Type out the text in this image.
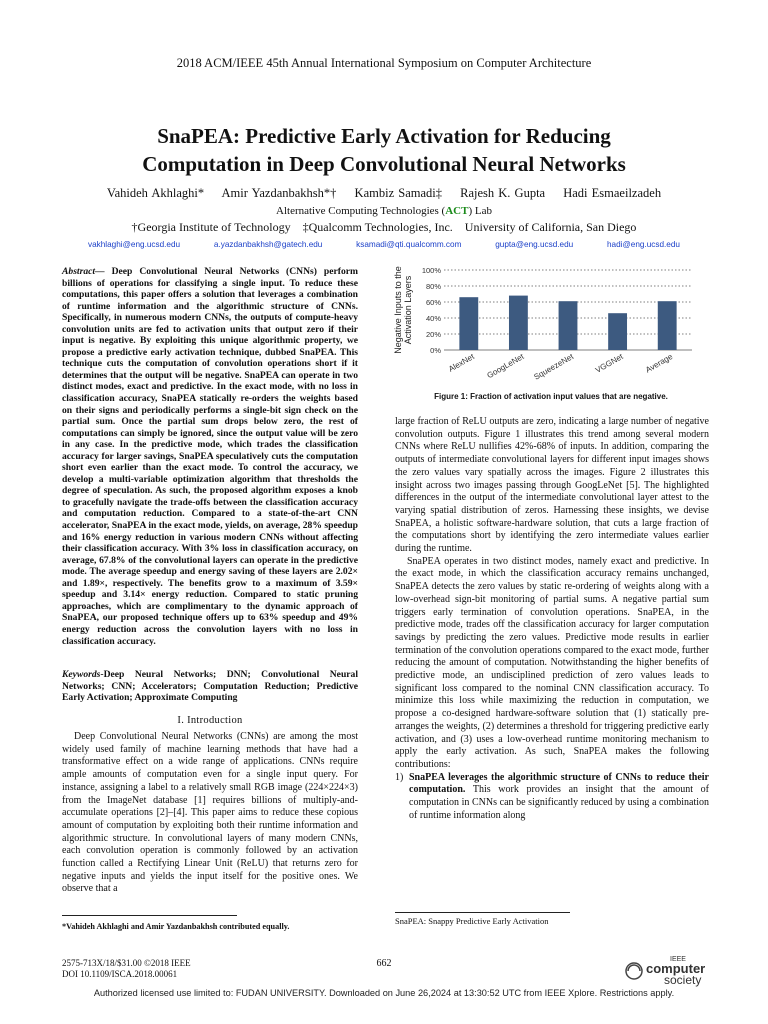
2018 ACM/IEEE 45th Annual International Symposium on Computer Architecture
SnaPEA: Predictive Early Activation for Reducing
Computation in Deep Convolutional Neural Networks
Vahideh Akhlaghi* Amir Yazdanbakhsh*† Kambiz Samadi‡ Rajesh K. Gupta Hadi Esmaeilzadeh
Alternative Computing Technologies (ACT) Lab
†Georgia Institute of Technology    ‡Qualcomm Technologies, Inc.    University of California, San Diego
vakhlaghi@eng.ucsd.edu	a.yazdanbakhsh@gatech.edu	ksamadi@qti.qualcomm.com	gupta@eng.ucsd.edu	hadi@eng.ucsd.edu
Abstract— Deep Convolutional Neural Networks (CNNs) perform billions of operations for classifying a single input. To reduce these computations, this paper offers a solution that leverages a combination of runtime information and the algorithmic structure of CNNs. Specifically, in numerous modern CNNs, the outputs of compute-heavy convolution units are fed to activation units that output zero if their input is negative. By exploiting this unique algorithmic property, we propose a predictive early activation technique, dubbed SnaPEA. This technique cuts the computation of convolution operations short if it determines that the output will be negative. SnaPEA can operate in two distinct modes, exact and predictive. In the exact mode, with no loss in classification accuracy, SnaPEA statically re-orders the weights based on their signs and periodically performs a single-bit sign check on the partial sum. Once the partial sum drops below zero, the rest of computations can simply be ignored, since the output value will be zero in any case. In the predictive mode, which trades the classification accuracy for larger savings, SnaPEA speculatively cuts the computation short even earlier than the exact mode. To control the accuracy, we develop a multi-variable optimization algorithm that thresholds the degree of speculation. As such, the proposed algorithm exposes a knob to gracefully navigate the trade-offs between the classification accuracy and computation reduction. Compared to a state-of-the-art CNN accelerator, SnaPEA in the exact mode, yields, on average, 28% speedup and 16% energy reduction in various modern CNNs without affecting their classification accuracy. With 3% loss in classification accuracy, on average, 67.8% of the convolutional layers can operate in the predictive mode. The average speedup and energy saving of these layers are 2.02× and 1.89×, respectively. The benefits grow to a maximum of 3.59× speedup and 3.14× energy reduction. Compared to static pruning approaches, which are complimentary to the dynamic approach of SnaPEA, our proposed technique offers up to 63% speedup and 49% energy reduction across the convolution layers with no loss in classification accuracy.
Keywords-Deep Neural Networks; DNN; Convolutional Neural Networks; CNN; Accelerators; Computation Reduction; Predictive Early Activation; Approximate Computing
I. Introduction
Deep Convolutional Neural Networks (CNNs) are among the most widely used family of machine learning methods that have had a transformative effect on a wide range of applications. CNNs require ample amounts of computation even for a single input query. For instance, assigning a label to a relatively small RGB image (224×224×3) from the ImageNet database [1] requires billions of multiply-and-accumulate operations [2]–[4]. This paper aims to reduce these copious amount of computation by exploiting both their runtime information and algorithmic structure. In convolutional layers of many modern CNNs, each convolution operation is commonly followed by an activation function called a Rectifying Linear Unit (ReLU) that returns zero for negative inputs and yields the input itself for the positive ones. We observe that a
*Vahideh Akhlaghi and Amir Yazdanbakhsh contributed equally.
Negative Inputs to the Activation Layers
0%
20%
40%
60%
80%
100%
AlexNet GoogLeNet SqueezeNet VGGNet Average
Figure 1: Fraction of activation input values that are negative.

large fraction of ReLU outputs are zero, indicating a large number of negative convolution outputs. Figure 1 illustrates this trend among several modern CNNs where ReLU nullifies 42%-68% of inputs. In addition, comparing the outputs of intermediate convolutional layers for different input images shows the zero values vary spatially across the images. Figure 2 illustrates this insight across two images passing through GoogLeNet [5]. The highlighted differences in the output of the intermediate convolutional layer attest to the varying spatial distribution of zeros. Harnessing these insights, we devise SnaPEA, a holistic software-hardware solution, that cuts a large fraction of the computations short by identifying the zero intermediate values earlier during the runtime.

SnaPEA operates in two distinct modes, namely exact and predictive. In the exact mode, in which the classification accuracy remains unchanged, SnaPEA detects the zero values by static re-ordering of weights along with a low-overhead sign-bit monitoring of partial sums. A negative partial sum triggers early termination of convolution operations. SnaPEA, in the predictive mode, trades off the classification accuracy for larger computation savings by predicting the zero values. Predictive mode results in earlier termination of the convolution operations compared to the exact mode, further reducing the amount of computation. Notwithstanding the higher benefits of predictive mode, an undisciplined prediction of zero values leads to significant loss compared to the nominal CNN classification accuracy. To minimize this loss while maximizing the reduction in computation, we propose a co-designed hardware-software solution that (1) statically pre-arranges the weights, (2) determines a threshold for triggering predictive early activation, and (3) uses a low-overhead runtime monitoring mechanism to apply the early activation. As such, SnaPEA makes the following contributions:

1) SnaPEA leverages the algorithmic structure of CNNs to reduce their computation. This work provides an insight that the amount of computation in CNNs can be significantly reduced by using a combination of runtime information along
SnaPEA: Snappy Predictive Early Activation
2575-713X/18/$31.00 ©2018 IEEE
DOI 10.1109/ISCA.2018.00061
662	IEEE
computer
society
Authorized licensed use limited to: FUDAN UNIVERSITY. Downloaded on June 26,2024 at 13:30:52 UTC from IEEE Xplore. Restrictions apply.
